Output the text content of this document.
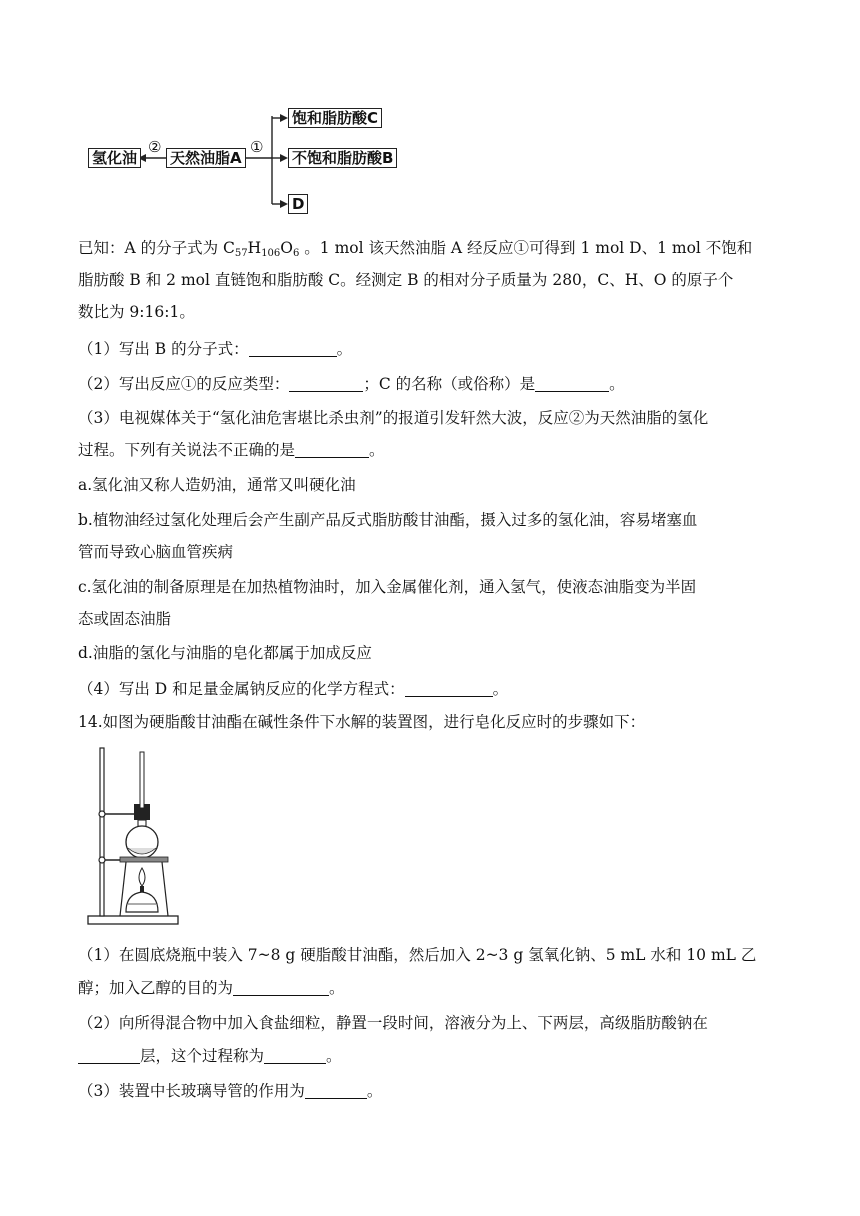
氢化油
②
天然油脂A
①
饱和脂肪酸C
不饱和脂肪酸B
D
已知：A 的分子式为 $C_{57}H_{106}O_6$ 。1 mol 该天然油脂 A 经反应①可得到 1 mol D、1 mol 不饱和
脂肪酸 B 和 2 mol 直链饱和脂肪酸 C。经测定 B 的相对分子质量为 280，C、H、O 的原子个
数比为 9:16:1。
（1）写出 B 的分子式：	。
（2）写出反应①的反应类型：	；C 的名称（或俗称）是	。
（3）电视媒体关于“氢化油危害堪比杀虫剂”的报道引发轩然大波，反应②为天然油脂的氢化
过程。下列有关说法不正确的是	。
a.氢化油又称人造奶油，通常又叫硬化油
b.植物油经过氢化处理后会产生副产品反式脂肪酸甘油酯，摄入过多的氢化油，容易堵塞血
管而导致心脑血管疾病
c.氢化油的制备原理是在加热植物油时，加入金属催化剂，通入氢气，使液态油脂变为半固
态或固态油脂
d.油脂的氢化与油脂的皂化都属于加成反应
（4）写出 D 和足量金属钠反应的化学方程式：	。
14.如图为硬脂酸甘油酯在碱性条件下水解的装置图，进行皂化反应时的步骤如下：
（1）在圆底烧瓶中装入 7~8 g 硬脂酸甘油酯，然后加入 2~3 g 氢氧化钠、5 mL 水和 10 mL 乙
醇；加入乙醇的目的为	。
（2）向所得混合物中加入食盐细粒，静置一段时间，溶液分为上、下两层，高级脂肪酸钠在
层，这个过程称为	。
（3）装置中长玻璃导管的作用为	。
